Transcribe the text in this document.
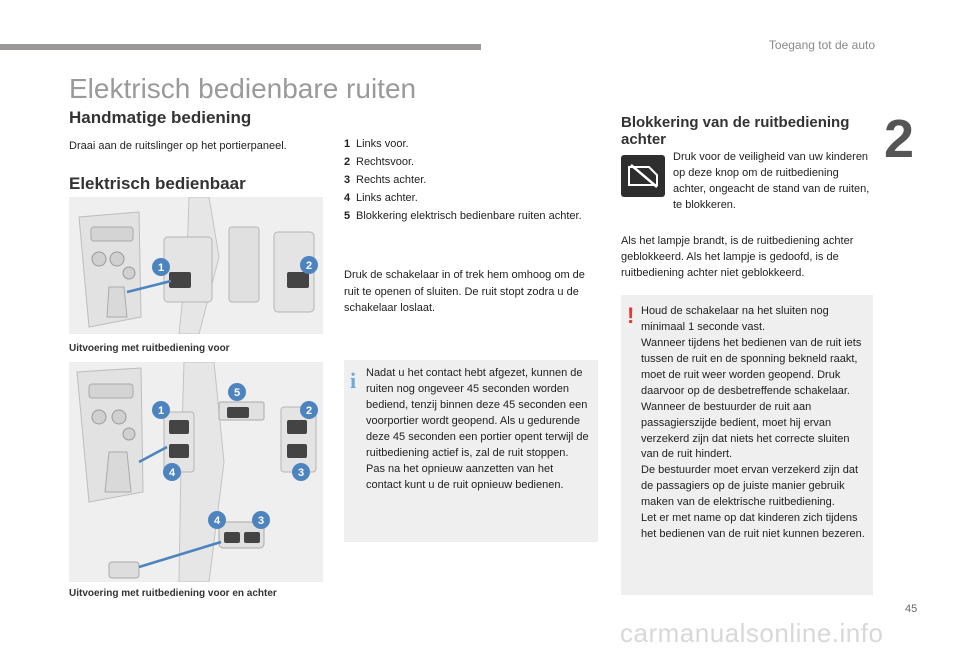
Toegang tot de auto
2
Elektrisch bedienbare ruiten
Handmatige bediening
Draai aan de ruitslinger op het portierpaneel.
Elektrisch bedienbaar
1	2
Uitvoering met ruitbediening voor
5
1	2
4	3
4	3
Uitvoering met ruitbediening voor en achter
1 Links voor.
2 Rechtsvoor.
3 Rechts achter.
4 Links achter.
5 Blokkering elektrisch bedienbare ruiten achter.
Druk de schakelaar in of trek hem omhoog om de ruit te openen of sluiten. De ruit stopt zodra u de schakelaar loslaat.
i Nadat u het contact hebt afgezet, kunnen de ruiten nog ongeveer 45 seconden worden bediend, tenzij binnen deze 45 seconden een voorportier wordt geopend. Als u gedurende deze 45 seconden een portier opent terwijl de ruitbediening actief is, zal de ruit stoppen. Pas na het opnieuw aanzetten van het contact kunt u de ruit opnieuw bedienen.
Blokkering van de ruitbediening achter
Druk voor de veiligheid van uw kinderen op deze knop om de ruitbediening achter, ongeacht de stand van de ruiten, te blokkeren.
Als het lampje brandt, is de ruitbediening achter geblokkeerd. Als het lampje is gedoofd, is de ruitbediening achter niet geblokkeerd.
! Houd de schakelaar na het sluiten nog minimaal 1 seconde vast.
Wanneer tijdens het bedienen van de ruit iets tussen de ruit en de sponning bekneld raakt, moet de ruit weer worden geopend. Druk daarvoor op de desbetreffende schakelaar.
Wanneer de bestuurder de ruit aan passagierszijde bedient, moet hij ervan verzekerd zijn dat niets het correcte sluiten van de ruit hindert.
De bestuurder moet ervan verzekerd zijn dat de passagiers op de juiste manier gebruik maken van de elektrische ruitbediening.
Let er met name op dat kinderen zich tijdens het bedienen van de ruit niet kunnen bezeren.
45
carmanualsonline.info
